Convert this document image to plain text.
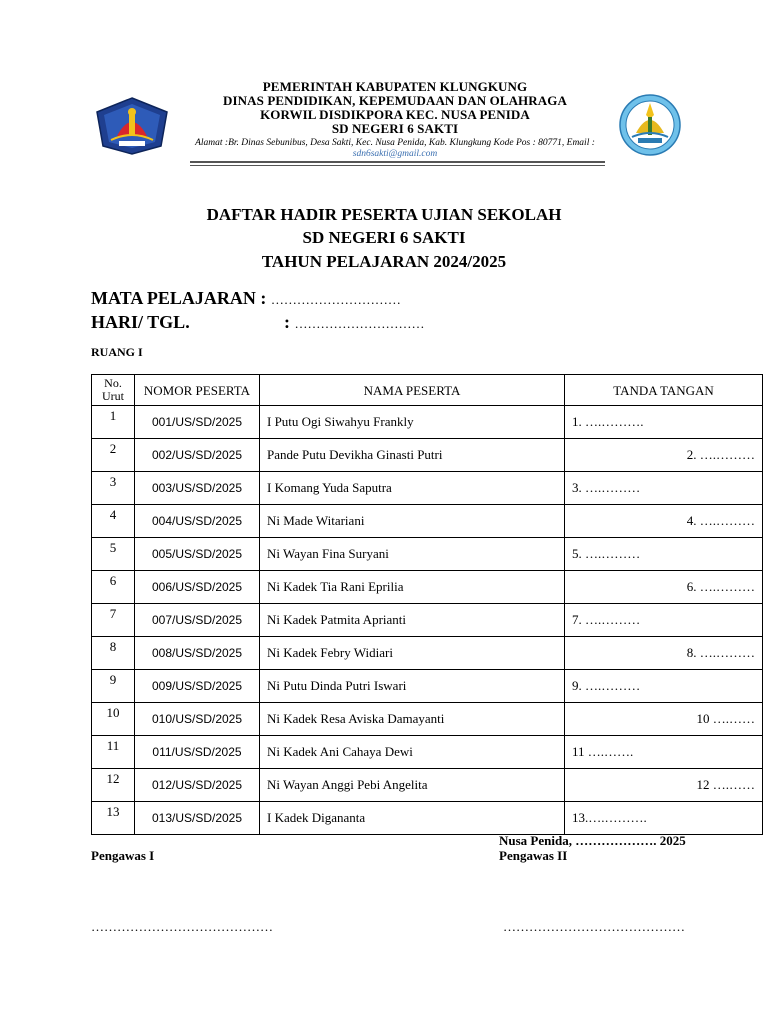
PEMERINTAH KABUPATEN KLUNGKUNG
DINAS PENDIDIKAN, KEPEMUDAAN DAN OLAHRAGA
KORWIL DISDIKPORA KEC. NUSA PENIDA
SD NEGERI 6 SAKTI
Alamat :Br. Dinas Sebunibus, Desa Sakti, Kec. Nusa Penida, Kab. Klungkung Kode Pos : 80771, Email : sdn6sakti@gmail.com
DAFTAR HADIR PESERTA UJIAN SEKOLAH
SD NEGERI 6 SAKTI
TAHUN PELAJARAN 2024/2025
MATA PELAJARAN : …………………………
HARI/ TGL.	: …………………………
RUANG I
No. Urut	NOMOR PESERTA	NAMA PESERTA	TANDA TANGAN
1	001/US/SD/2025	I Putu Ogi Siwahyu Frankly	1. ….……….
2	002/US/SD/2025	Pande Putu Devikha Ginasti Putri	2. ….………
3	003/US/SD/2025	I Komang Yuda Saputra	3. ….………
4	004/US/SD/2025	Ni Made Witariani	4. ….………
5	005/US/SD/2025	Ni Wayan Fina Suryani	5. ….………
6	006/US/SD/2025	Ni Kadek Tia Rani Eprilia	6. ….………
7	007/US/SD/2025	Ni Kadek Patmita Aprianti	7. ….………
8	008/US/SD/2025	Ni Kadek Febry Widiari	8. ….………
9	009/US/SD/2025	Ni Putu Dinda Putri Iswari	9. ….………
10	010/US/SD/2025	Ni Kadek Resa Aviska Damayanti	10 ….……
11	011/US/SD/2025	Ni Kadek Ani Cahaya Dewi	11 ….…….
12	012/US/SD/2025	Ni Wayan Anggi Pebi Angelita	12 ….……
13	013/US/SD/2025	I Kadek Digananta	13.….……….
Nusa Penida, ………………. 2025
Pengawas I	Pengawas II
……………………………………	……………………………………
